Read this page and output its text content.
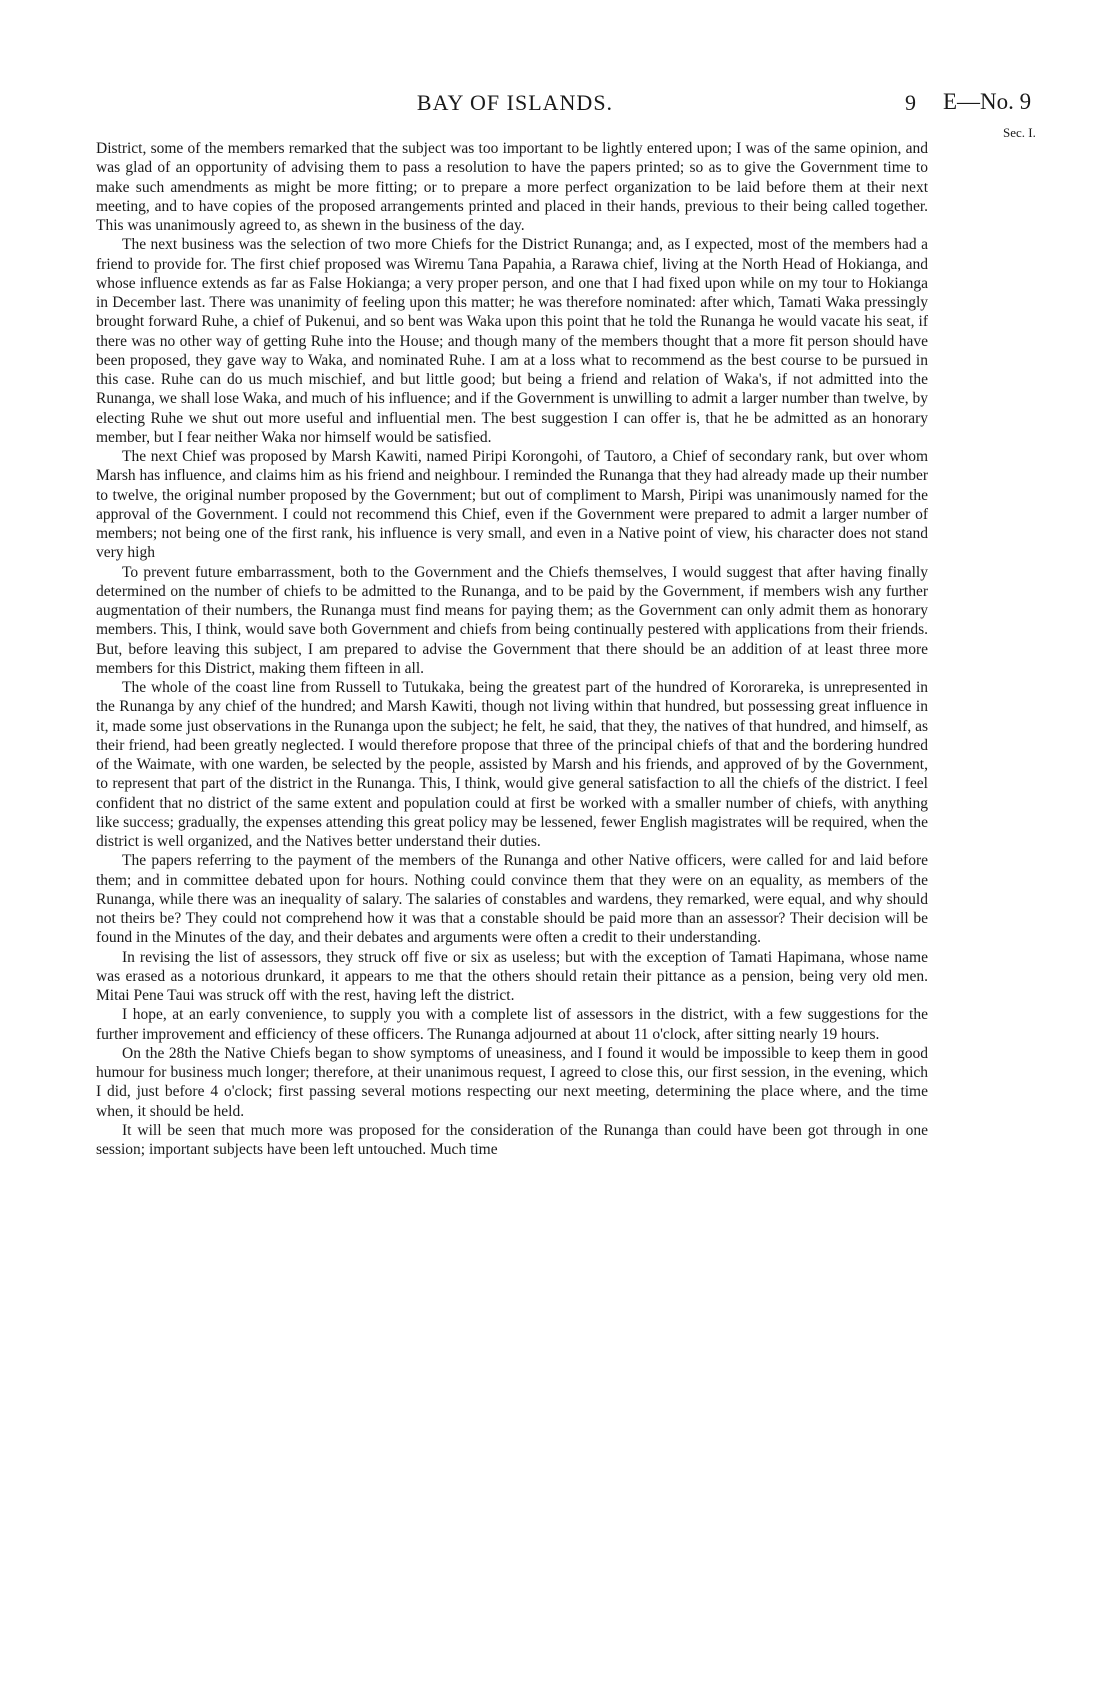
BAY OF ISLANDS.	9 E—No. 9
Sec. I.

District, some of the members remarked that the subject was too important to be lightly entered upon; I was of the same opinion, and was glad of an opportunity of advising them to pass a resolution to have the papers printed; so as to give the Government time to make such amendments as might be more fitting; or to prepare a more perfect organization to be laid before them at their next meeting, and to have copies of the proposed arrangements printed and placed in their hands, previous to their being called together. This was unanimously agreed to, as shewn in the business of the day.

The next business was the selection of two more Chiefs for the District Runanga; and, as I expected, most of the members had a friend to provide for. The first chief proposed was Wiremu Tana Papahia, a Rarawa chief, living at the North Head of Hokianga, and whose influence extends as far as False Hokianga; a very proper person, and one that I had fixed upon while on my tour to Hokianga in December last. There was unanimity of feeling upon this matter; he was therefore nominated: after which, Tamati Waka pressingly brought forward Ruhe, a chief of Pukenui, and so bent was Waka upon this point that he told the Runanga he would vacate his seat, if there was no other way of getting Ruhe into the House; and though many of the members thought that a more fit person should have been proposed, they gave way to Waka, and nominated Ruhe. I am at a loss what to recommend as the best course to be pursued in this case. Ruhe can do us much mischief, and but little good; but being a friend and relation of Waka's, if not admitted into the Runanga, we shall lose Waka, and much of his influence; and if the Government is unwilling to admit a larger number than twelve, by electing Ruhe we shut out more useful and influential men. The best suggestion I can offer is, that he be admitted as an honorary member, but I fear neither Waka nor himself would be satisfied.

The next Chief was proposed by Marsh Kawiti, named Piripi Korongohi, of Tautoro, a Chief of secondary rank, but over whom Marsh has influence, and claims him as his friend and neighbour. I reminded the Runanga that they had already made up their number to twelve, the original number proposed by the Government; but out of compliment to Marsh, Piripi was unanimously named for the approval of the Government. I could not recommend this Chief, even if the Government were prepared to admit a larger number of members; not being one of the first rank, his influence is very small, and even in a Native point of view, his character does not stand very high

To prevent future embarrassment, both to the Government and the Chiefs themselves, I would suggest that after having finally determined on the number of chiefs to be admitted to the Runanga, and to be paid by the Government, if members wish any further augmentation of their numbers, the Runanga must find means for paying them; as the Government can only admit them as honorary members. This, I think, would save both Government and chiefs from being continually pestered with applications from their friends. But, before leaving this subject, I am prepared to advise the Government that there should be an addition of at least three more members for this District, making them fifteen in all.

The whole of the coast line from Russell to Tutukaka, being the greatest part of the hundred of Kororareka, is unrepresented in the Runanga by any chief of the hundred; and Marsh Kawiti, though not living within that hundred, but possessing great influence in it, made some just observations in the Runanga upon the subject; he felt, he said, that they, the natives of that hundred, and himself, as their friend, had been greatly neglected. I would therefore propose that three of the principal chiefs of that and the bordering hundred of the Waimate, with one warden, be selected by the people, assisted by Marsh and his friends, and approved of by the Government, to represent that part of the district in the Runanga. This, I think, would give general satisfaction to all the chiefs of the district. I feel confident that no district of the same extent and population could at first be worked with a smaller number of chiefs, with anything like success; gradually, the expenses attending this great policy may be lessened, fewer English magistrates will be required, when the district is well organized, and the Natives better understand their duties.

The papers referring to the payment of the members of the Runanga and other Native officers, were called for and laid before them; and in committee debated upon for hours. Nothing could convince them that they were on an equality, as members of the Runanga, while there was an inequality of salary. The salaries of constables and wardens, they remarked, were equal, and why should not theirs be? They could not comprehend how it was that a constable should be paid more than an assessor? Their decision will be found in the Minutes of the day, and their debates and arguments were often a credit to their understanding.

In revising the list of assessors, they struck off five or six as useless; but with the exception of Tamati Hapimana, whose name was erased as a notorious drunkard, it appears to me that the others should retain their pittance as a pension, being very old men. Mitai Pene Taui was struck off with the rest, having left the district.

I hope, at an early convenience, to supply you with a complete list of assessors in the district, with a few suggestions for the further improvement and efficiency of these officers. The Runanga adjourned at about 11 o'clock, after sitting nearly 19 hours.

On the 28th the Native Chiefs began to show symptoms of uneasiness, and I found it would be impossible to keep them in good humour for business much longer; therefore, at their unanimous request, I agreed to close this, our first session, in the evening, which I did, just before 4 o'clock; first passing several motions respecting our next meeting, determining the place where, and the time when, it should be held.

It will be seen that much more was proposed for the consideration of the Runanga than could have been got through in one session; important subjects have been left untouched. Much time
